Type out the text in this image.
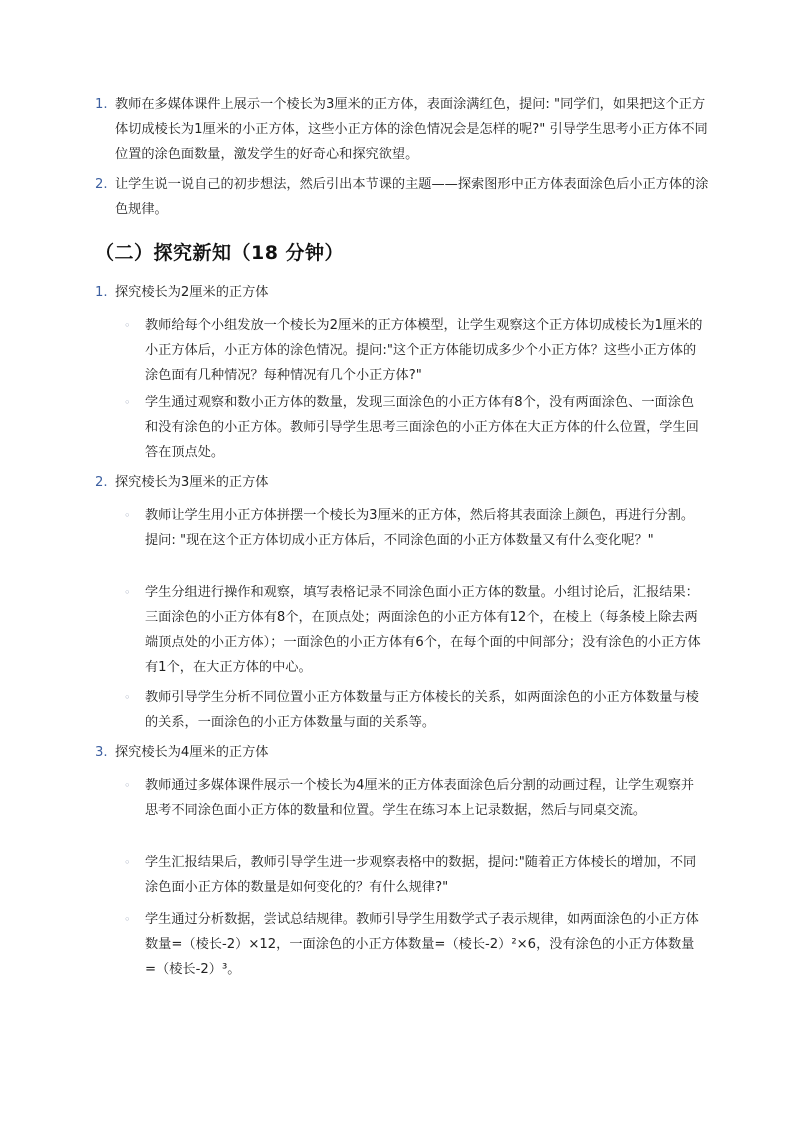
1. 教师在多媒体课件上展示一个棱长为3厘米的正方体，表面涂满红色，提问: "同学们，如果把这个正方体切成棱长为1厘米的小正方体，这些小正方体的涂色情况会是怎样的呢?" 引导学生思考小正方体不同位置的涂色面数量，激发学生的好奇心和探究欲望。
2. 让学生说一说自己的初步想法，然后引出本节课的主题——探索图形中正方体表面涂色后小正方体的涂色规律。
（二）探究新知（18 分钟）
1. 探究棱长为2厘米的正方体
◦ 教师给每个小组发放一个棱长为2厘米的正方体模型，让学生观察这个正方体切成棱长为1厘米的小正方体后，小正方体的涂色情况。提问:"这个正方体能切成多少个小正方体？这些小正方体的涂色面有几种情况？每种情况有几个小正方体?"
◦ 学生通过观察和数小正方体的数量，发现三面涂色的小正方体有8个，没有两面涂色、一面涂色和没有涂色的小正方体。教师引导学生思考三面涂色的小正方体在大正方体的什么位置，学生回答在顶点处。
2. 探究棱长为3厘米的正方体
◦ 教师让学生用小正方体拼摆一个棱长为3厘米的正方体，然后将其表面涂上颜色，再进行分割。提问: "现在这个正方体切成小正方体后，不同涂色面的小正方体数量又有什么变化呢？"
◦ 学生分组进行操作和观察，填写表格记录不同涂色面小正方体的数量。小组讨论后，汇报结果：三面涂色的小正方体有8个，在顶点处；两面涂色的小正方体有12个，在棱上（每条棱上除去两端顶点处的小正方体）；一面涂色的小正方体有6个，在每个面的中间部分；没有涂色的小正方体有1个，在大正方体的中心。
◦ 教师引导学生分析不同位置小正方体数量与正方体棱长的关系，如两面涂色的小正方体数量与棱的关系，一面涂色的小正方体数量与面的关系等。
3. 探究棱长为4厘米的正方体
◦ 教师通过多媒体课件展示一个棱长为4厘米的正方体表面涂色后分割的动画过程，让学生观察并思考不同涂色面小正方体的数量和位置。学生在练习本上记录数据，然后与同桌交流。
◦ 学生汇报结果后，教师引导学生进一步观察表格中的数据，提问:"随着正方体棱长的增加，不同涂色面小正方体的数量是如何变化的？有什么规律?"
◦ 学生通过分析数据，尝试总结规律。教师引导学生用数学式子表示规律，如两面涂色的小正方体数量=（棱长-2）×12，一面涂色的小正方体数量=（棱长-2）²×6，没有涂色的小正方体数量=（棱长-2）³。
